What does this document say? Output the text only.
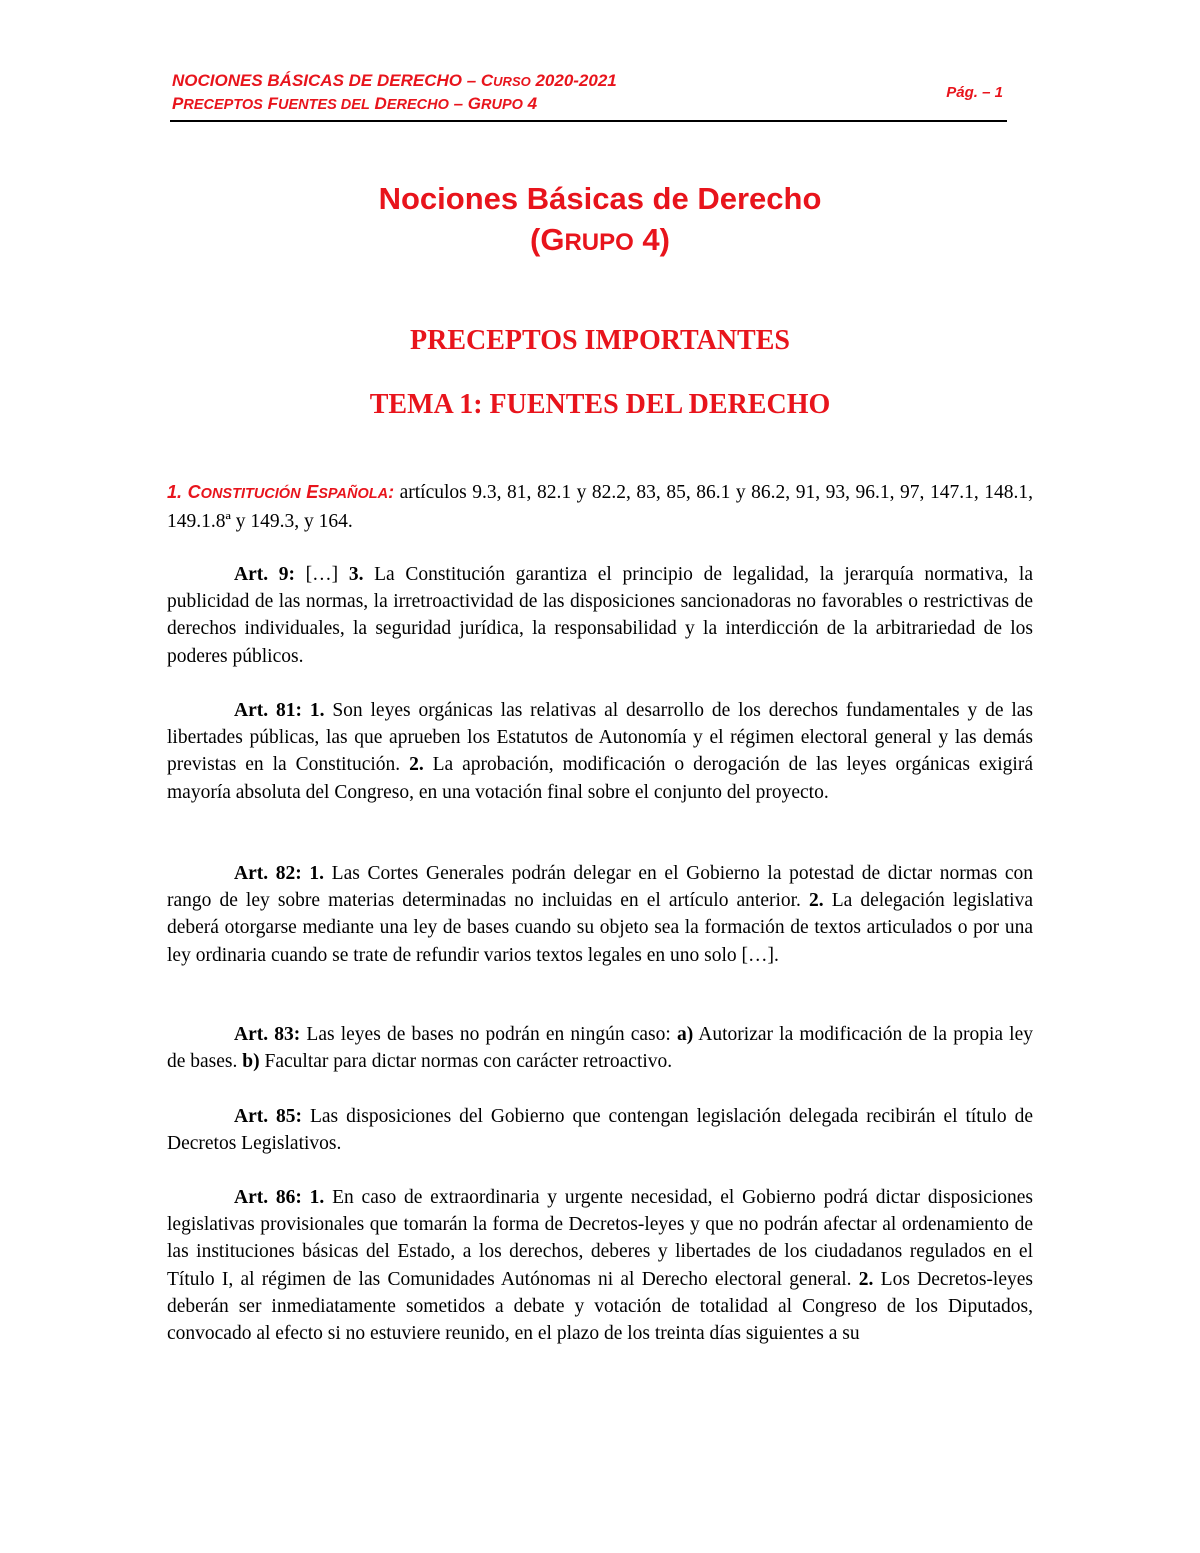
NOCIONES BÁSICAS DE DERECHO – CURSO 2020-2021
PRECEPTOS FUENTES DEL DERECHO – GRUPO 4
Pág. – 1
Nociones Básicas de Derecho
(GRUPO 4)
PRECEPTOS IMPORTANTES
TEMA 1: FUENTES DEL DERECHO
1. CONSTITUCIÓN ESPAÑOLA: artículos 9.3, 81, 82.1 y 82.2, 83, 85, 86.1 y 86.2, 91, 93, 96.1, 97, 147.1, 148.1, 149.1.8ª y 149.3, y 164.
Art. 9: […] 3. La Constitución garantiza el principio de legalidad, la jerarquía normativa, la publicidad de las normas, la irretroactividad de las disposiciones sancionadoras no favorables o restrictivas de derechos individuales, la seguridad jurídica, la responsabilidad y la interdicción de la arbitrariedad de los poderes públicos.
Art. 81: 1. Son leyes orgánicas las relativas al desarrollo de los derechos fundamentales y de las libertades públicas, las que aprueben los Estatutos de Autonomía y el régimen electoral general y las demás previstas en la Constitución. 2. La aprobación, modificación o derogación de las leyes orgánicas exigirá mayoría absoluta del Congreso, en una votación final sobre el conjunto del proyecto.
Art. 82: 1. Las Cortes Generales podrán delegar en el Gobierno la potestad de dictar normas con rango de ley sobre materias determinadas no incluidas en el artículo anterior. 2. La delegación legislativa deberá otorgarse mediante una ley de bases cuando su objeto sea la formación de textos articulados o por una ley ordinaria cuando se trate de refundir varios textos legales en uno solo […].
Art. 83: Las leyes de bases no podrán en ningún caso: a) Autorizar la modificación de la propia ley de bases. b) Facultar para dictar normas con carácter retroactivo.
Art. 85: Las disposiciones del Gobierno que contengan legislación delegada recibirán el título de Decretos Legislativos.
Art. 86: 1. En caso de extraordinaria y urgente necesidad, el Gobierno podrá dictar disposiciones legislativas provisionales que tomarán la forma de Decretos-leyes y que no podrán afectar al ordenamiento de las instituciones básicas del Estado, a los derechos, deberes y libertades de los ciudadanos regulados en el Título I, al régimen de las Comunidades Autónomas ni al Derecho electoral general. 2. Los Decretos-leyes deberán ser inmediatamente sometidos a debate y votación de totalidad al Congreso de los Diputados, convocado al efecto si no estuviere reunido, en el plazo de los treinta días siguientes a su
